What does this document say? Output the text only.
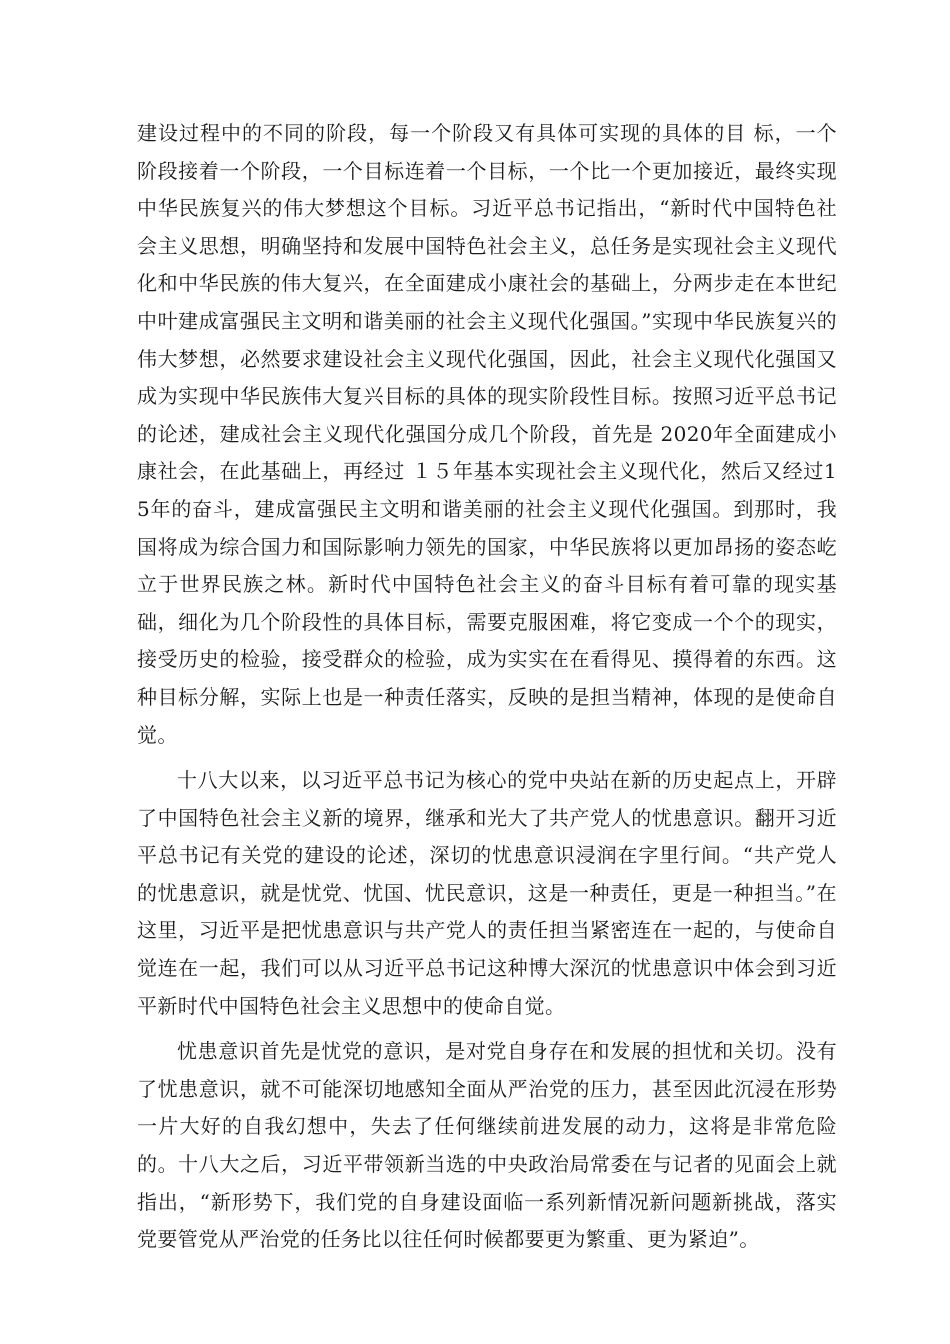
建设过程中的不同的阶段，每一个阶段又有具体可实现的具体的目 标，一个阶段接着一个阶段，一个目标连着一个目标，一个比一个更加接近，最终实现中华民族复兴的伟大梦想这个目标。习近平总书记指出，“新时代中国特色社会主义思想，明确坚持和发展中国特色社会主义，总任务是实现社会主义现代化和中华民族的伟大复兴，在全面建成小康社会的基础上，分两步走在本世纪中叶建成富强民主文明和谐美丽的社会主义现代化强国。”实现中华民族复兴的伟大梦想，必然要求建设社会主义现代化强国，因此，社会主义现代化强国又成为实现中华民族伟大复兴目标的具体的现实阶段性目标。按照习近平总书记的论述，建成社会主义现代化强国分成几个阶段，首先是 2020年全面建成小康社会，在此基础上，再经过 １５年基本实现社会主义现代化，然后又经过15年的奋斗，建成富强民主文明和谐美丽的社会主义现代化强国。到那时，我国将成为综合国力和国际影响力领先的国家，中华民族将以更加昂扬的姿态屹立于世界民族之林。新时代中国特色社会主义的奋斗目标有着可靠的现实基础，细化为几个阶段性的具体目标，需要克服困难，将它变成一个个的现实，接受历史的检验，接受群众的检验，成为实实在在看得见、摸得着的东西。这种目标分解，实际上也是一种责任落实，反映的是担当精神，体现的是使命自觉。

十八大以来，以习近平总书记为核心的党中央站在新的历史起点上，开辟了中国特色社会主义新的境界，继承和光大了共产党人的忧患意识。翻开习近平总书记有关党的建设的论述，深切的忧患意识浸润在字里行间。“共产党人的忧患意识，就是忧党、忧国、忧民意识，这是一种责任，更是一种担当。”在这里，习近平是把忧患意识与共产党人的责任担当紧密连在一起的，与使命自觉连在一起，我们可以从习近平总书记这种博大深沉的忧患意识中体会到习近平新时代中国特色社会主义思想中的使命自觉。

忧患意识首先是忧党的意识，是对党自身存在和发展的担忧和关切。没有了忧患意识，就不可能深切地感知全面从严治党的压力，甚至因此沉浸在形势一片大好的自我幻想中，失去了任何继续前进发展的动力，这将是非常危险的。十八大之后，习近平带领新当选的中央政治局常委在与记者的见面会上就指出，“新形势下，我们党的自身建设面临一系列新情况新问题新挑战，落实党要管党从严治党的任务比以往任何时候都要更为繁重、更为紧迫”。
